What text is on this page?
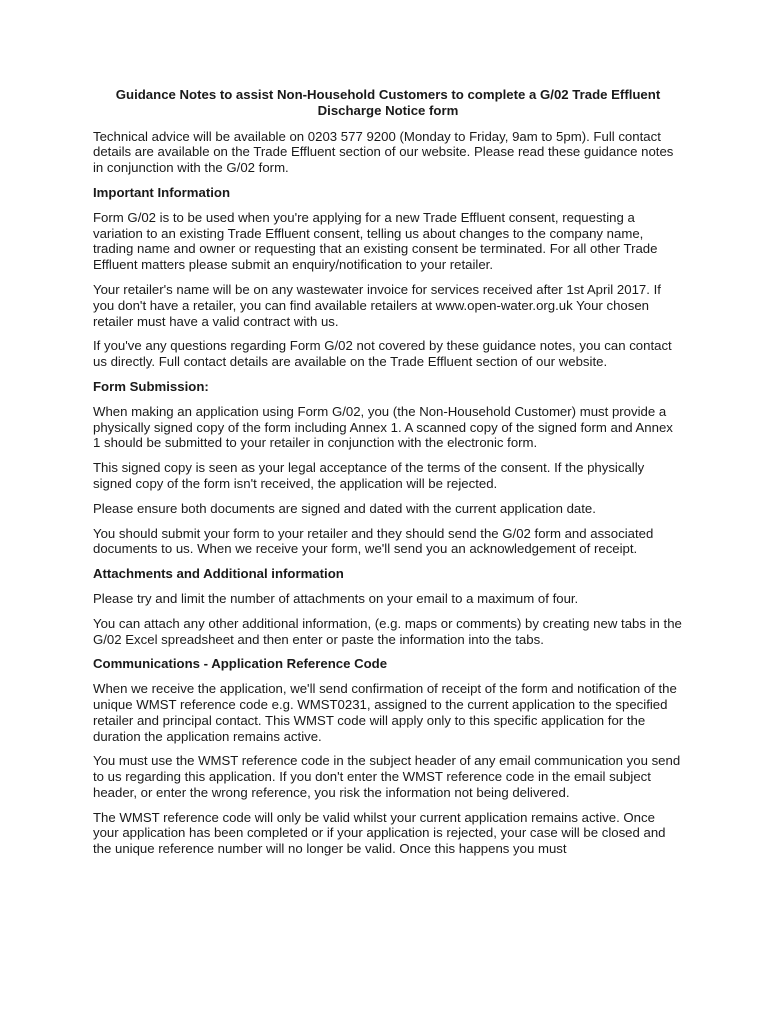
Guidance Notes to assist Non-Household Customers to complete a G/02 Trade Effluent Discharge Notice form
Technical advice will be available on 0203 577 9200 (Monday to Friday, 9am to 5pm). Full contact details are available on the Trade Effluent section of our website. Please read these guidance notes in conjunction with the G/02 form.
Important Information
Form G/02 is to be used when you're applying for a new Trade Effluent consent, requesting a variation to an existing Trade Effluent consent, telling us about changes to the company name, trading name and owner or requesting that an existing consent be terminated. For all other Trade Effluent matters please submit an enquiry/notification to your retailer.
Your retailer's name will be on any wastewater invoice for services received after 1st April 2017. If you don't have a retailer, you can find available retailers at www.open-water.org.uk Your chosen retailer must have a valid contract with us.
If you've any questions regarding Form G/02 not covered by these guidance notes, you can contact us directly. Full contact details are available on the Trade Effluent section of our website.
Form Submission:
When making an application using Form G/02, you (the Non-Household Customer) must provide a physically signed copy of the form including Annex 1. A scanned copy of the signed form and Annex 1 should be submitted to your retailer in conjunction with the electronic form.
This signed copy is seen as your legal acceptance of the terms of the consent. If the physically signed copy of the form isn't received, the application will be rejected.
Please ensure both documents are signed and dated with the current application date.
You should submit your form to your retailer and they should send the G/02 form and associated documents to us. When we receive your form, we'll send you an acknowledgement of receipt.
Attachments and Additional information
Please try and limit the number of attachments on your email to a maximum of four.
You can attach any other additional information, (e.g. maps or comments) by creating new tabs in the G/02 Excel spreadsheet and then enter or paste the information into the tabs.
Communications - Application Reference Code
When we receive the application, we'll send confirmation of receipt of the form and notification of the unique WMST reference code e.g. WMST0231, assigned to the current application to the specified retailer and principal contact. This WMST code will apply only to this specific application for the duration the application remains active.
You must use the WMST reference code in the subject header of any email communication you send to us regarding this application. If you don't enter the WMST reference code in the email subject header, or enter the wrong reference, you risk the information not being delivered.
The WMST reference code will only be valid whilst your current application remains active. Once your application has been completed or if your application is rejected, your case will be closed and the unique reference number will no longer be valid. Once this happens you must
